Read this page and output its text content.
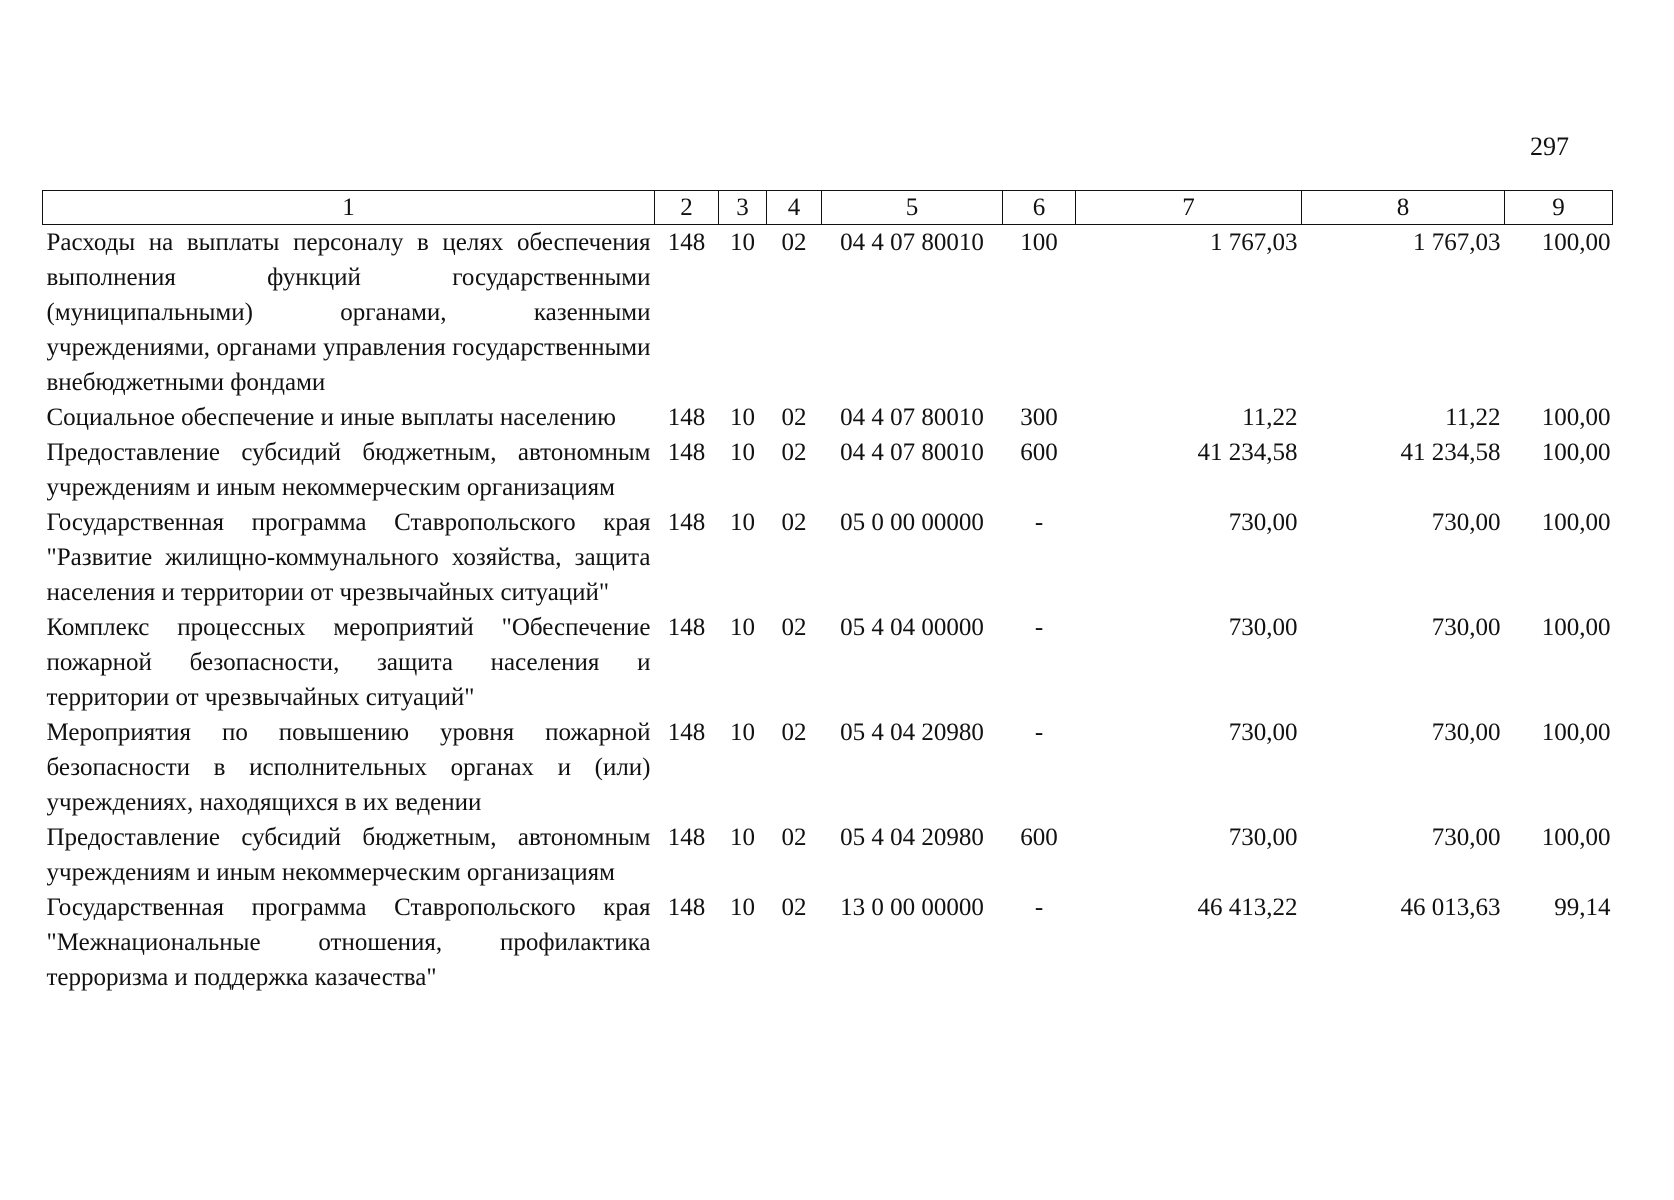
297
1	2	3	4	5	6	7	8	9
Расходы на выплаты персоналу в целях обеспечения выполнения функций государственными (муниципальными) органами, казенными учреждениями, органами управления государственными внебюджетными фондами	148	10	02	04 4 07 80010	100	1 767,03	1 767,03	100,00
Социальное обеспечение и иные выплаты населению	148	10	02	04 4 07 80010	300	11,22	11,22	100,00
Предоставление субсидий бюджетным, автономным учреждениям и иным некоммерческим организациям	148	10	02	04 4 07 80010	600	41 234,58	41 234,58	100,00
Государственная программа Ставропольского края "Развитие жилищно-коммунального хозяйства, защита населения и территории от чрезвычайных ситуаций"	148	10	02	05 0 00 00000	-	730,00	730,00	100,00
Комплекс процессных мероприятий "Обеспечение пожарной безопасности, защита населения и территории от чрезвычайных ситуаций"	148	10	02	05 4 04 00000	-	730,00	730,00	100,00
Мероприятия по повышению уровня пожарной безопасности в исполнительных органах и (или) учреждениях, находящихся в их ведении	148	10	02	05 4 04 20980	-	730,00	730,00	100,00
Предоставление субсидий бюджетным, автономным учреждениям и иным некоммерческим организациям	148	10	02	05 4 04 20980	600	730,00	730,00	100,00
Государственная программа Ставропольского края "Межнациональные отношения, профилактика терроризма и поддержка казачества"	148	10	02	13 0 00 00000	-	46 413,22	46 013,63	99,14
